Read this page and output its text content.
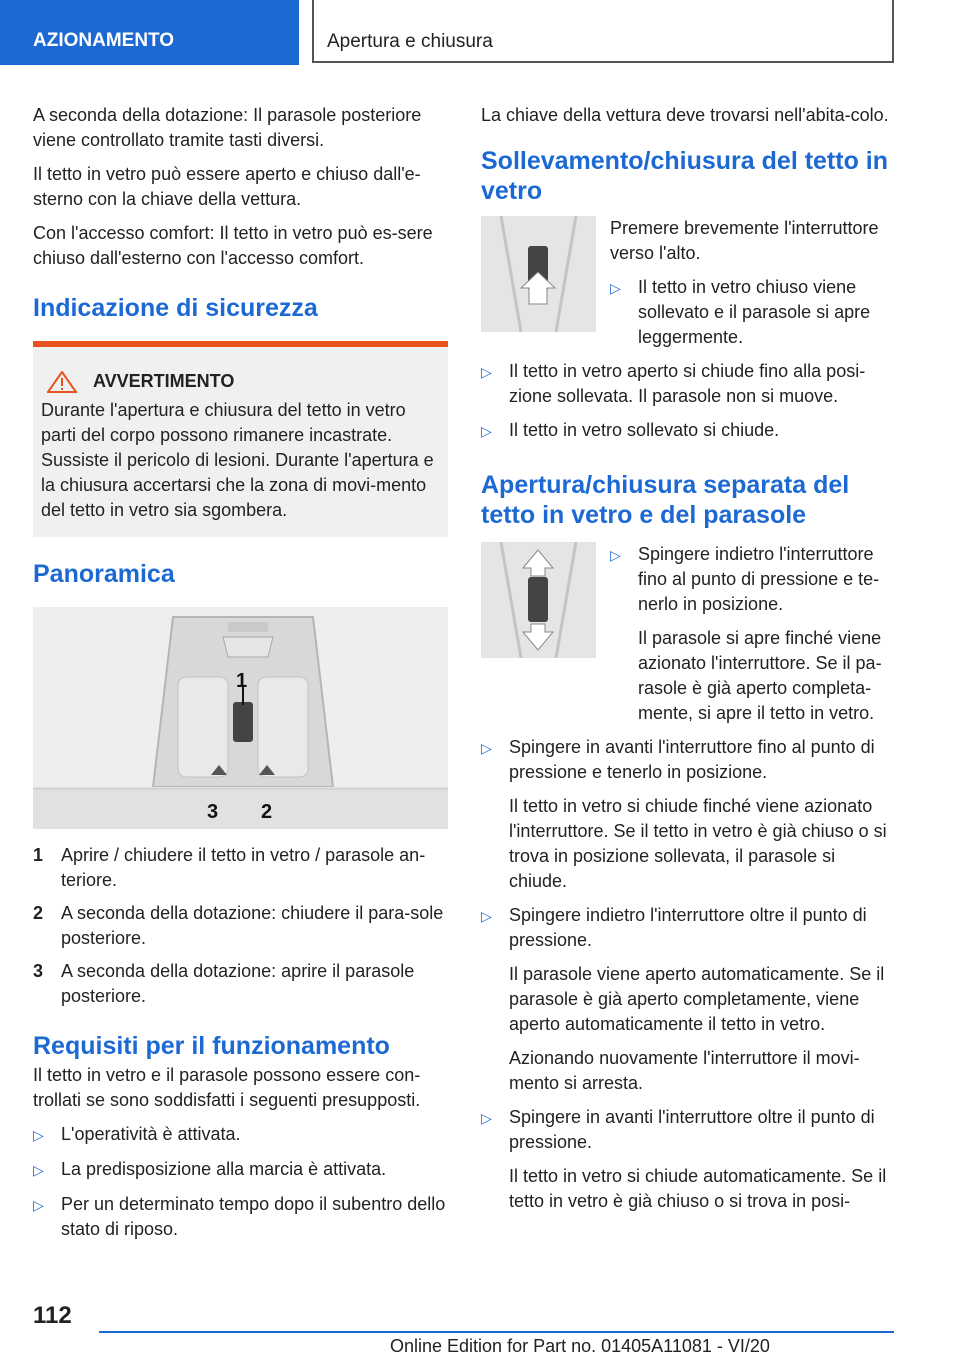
AZIONAMENTO	Apertura e chiusura

A seconda della dotazione: Il parasole posteriore viene controllato tramite tasti diversi.

Il tetto in vetro può essere aperto e chiuso dall'e-sterno con la chiave della vettura.

Con l'accesso comfort: Il tetto in vetro può es-sere chiuso dall'esterno con l'accesso comfort.

Indicazione di sicurezza
AVVERTIMENTO
Durante l'apertura e chiusura del tetto in vetro parti del corpo possono rimanere incastrate. Sussiste il pericolo di lesioni. Durante l'apertura e la chiusura accertarsi che la zona di movi-mento del tetto in vetro sia sgombera.
Panoramica
1
3 2
1 Aprire / chiudere il tetto in vetro / parasole an-teriore.
2 A seconda della dotazione: chiudere il para-sole posteriore.
3 A seconda della dotazione: aprire il parasole posteriore.
Requisiti per il funzionamento

Il tetto in vetro e il parasole possono essere con-trollati se sono soddisfatti i seguenti presupposti.

▷ L'operatività è attivata.
▷ La predisposizione alla marcia è attivata.
▷ Per un determinato tempo dopo il subentro dello stato di riposo.

La chiave della vettura deve trovarsi nell'abita-colo.

Sollevamento/chiusura del tetto in vetro

Premere brevemente l'interruttore verso l'alto.

▷ Il tetto in vetro chiuso viene sollevato e il parasole si apre leggermente.
▷ Il tetto in vetro aperto si chiude fino alla posi-zione sollevata. Il parasole non si muove.
▷ Il tetto in vetro sollevato si chiude.
Apertura/chiusura separata del tetto in vetro e del parasole
▷ Spingere indietro l'interruttore fino al punto di pressione e te-nerlo in posizione.

Il parasole si apre finché viene azionato l'interruttore. Se il pa-rasole è già aperto completa-mente, si apre il tetto in vetro.

▷ Spingere in avanti l'interruttore fino al punto di pressione e tenerlo in posizione.

Il tetto in vetro si chiude finché viene azionato l'interruttore. Se il tetto in vetro è già chiuso o si trova in posizione sollevata, il parasole si chiude.

▷ Spingere indietro l'interruttore oltre il punto di pressione.

Il parasole viene aperto automaticamente. Se il parasole è già aperto completamente, viene aperto automaticamente il tetto in vetro.

Azionando nuovamente l'interruttore il movi-mento si arresta.

▷ Spingere in avanti l'interruttore oltre il punto di pressione.

Il tetto in vetro si chiude automaticamente. Se il tetto in vetro è già chiuso o si trova in posi-

112
Online Edition for Part no. 01405A11081 - VI/20
